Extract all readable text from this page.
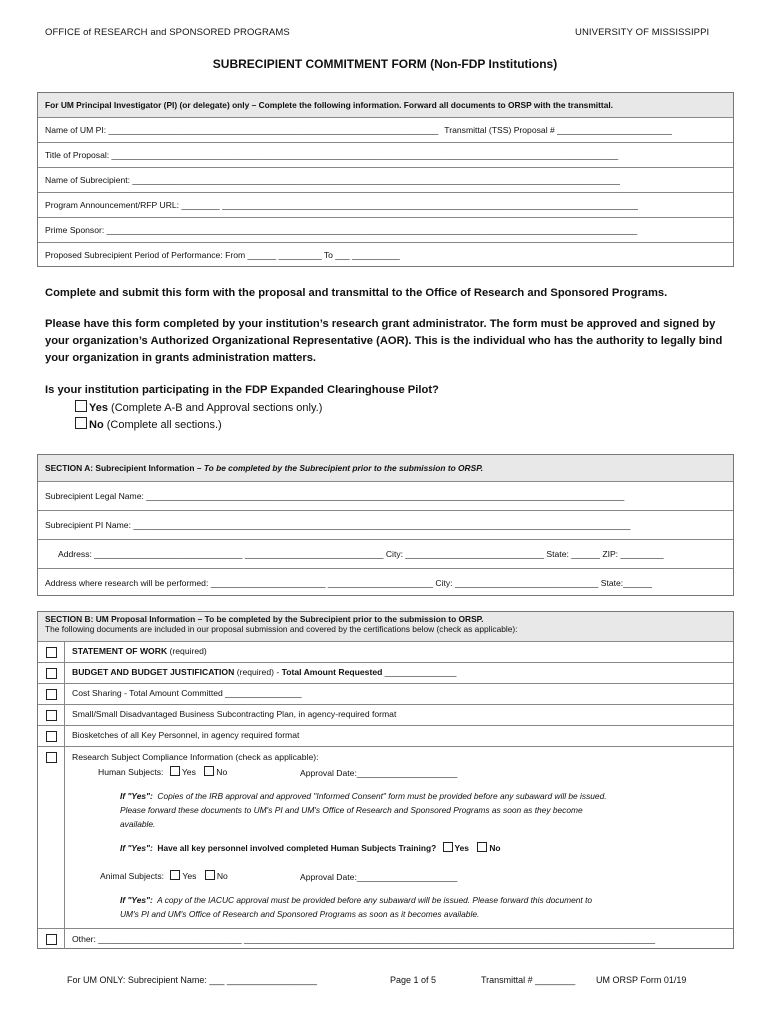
OFFICE of RESEARCH and SPONSORED PROGRAMS	UNIVERSITY OF MISSISSIPPI
SUBRECIPIENT COMMITMENT FORM (Non-FDP Institutions)
For UM Principal Investigator (PI) (or delegate) only – Complete the following information. Forward all documents to ORSP with the transmittal.
Name of UM PI: _____________________________________________________________________ Transmittal (TSS) Proposal # ________________________
Title of Proposal: __________________________________________________________________________________________________________
Name of Subrecipient: ______________________________________________________________________________________________________
Program Announcement/RFP URL: ________ _______________________________________________________________________________________
Prime Sponsor: _______________________________________________________________________________________________________________
Proposed Subrecipient Period of Performance: From ______ _________ To ___ __________
Complete and submit this form with the proposal and transmittal to the Office of Research and Sponsored Programs.
Please have this form completed by your institution’s research grant administrator. The form must be approved and signed by your organization’s Authorized Organizational Representative (AOR). This is the individual who has the authority to legally bind your organization in grants administration matters.
Is your institution participating in the FDP Expanded Clearinghouse Pilot?
Yes (Complete A-B and Approval sections only.)
No (Complete all sections.)
SECTION A: Subrecipient Information –
To be completed by the Subrecipient prior to the submission to ORSP.
Subrecipient Legal Name: ____________________________________________________________________________________________________
Subrecipient PI Name: ________________________________________________________________________________________________________
Address: _______________________________ _____________________________ City: _____________________________ State: ______ ZIP: _________
Address where research will be performed: ________________________ ______________________ City: ______________________________ State:______
SECTION B: UM Proposal Information – To be completed by the Subrecipient prior to the submission to ORSP.
The following documents are included in our proposal submission and covered by the certifications below (check as applicable):
STATEMENT OF WORK (required)
BUDGET AND BUDGET JUSTIFICATION (required) - Total Amount Requested _______________
Cost Sharing - Total Amount Committed ________________
Small/Small Disadvantaged Business Subcontracting Plan, in agency-required format
Biosketches of all Key Personnel, in agency required format
Research Subject Compliance Information (check as applicable):
Human Subjects: Yes No	Approval Date:_____________________
If "Yes": Copies of the IRB approval and approved "Informed Consent" form must be provided before any subaward will be issued.
Please forward these documents to UM's PI and UM's Office of Research and Sponsored Programs as soon as they become
available.
If "Yes": Have all key personnel involved completed Human Subjects Training? Yes No
Animal Subjects: Yes No	Approval Date:_____________________
If "Yes": A copy of the IACUC approval must be provided before any subaward will be issued. Please forward this document to
UM's PI and UM's Office of Research and Sponsored Programs as soon as it becomes available.
Other: ______________________________ ______________________________________________________________________________________
For UM ONLY: Subrecipient Name: ___ __________________	Page 1 of 5	Transmittal # ________ UM ORSP Form 01/19
